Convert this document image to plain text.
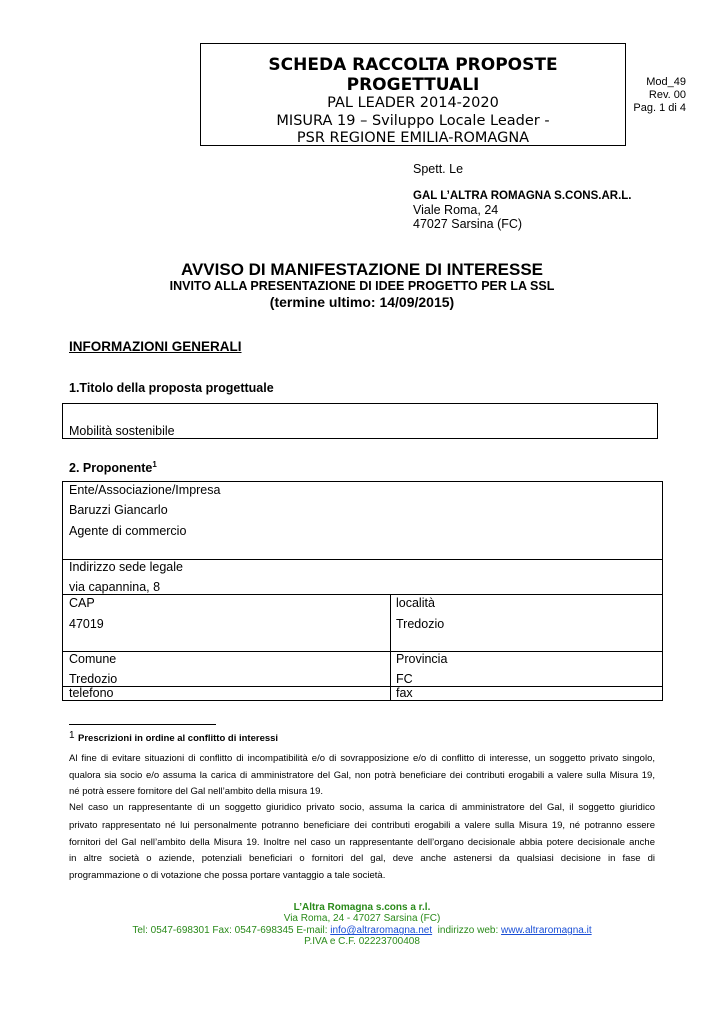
SCHEDA RACCOLTA PROPOSTE
PROGETTUALI
PAL LEADER 2014-2020
MISURA 19 – Sviluppo Locale Leader -
PSR REGIONE EMILIA-ROMAGNA
Mod_49
Rev. 00
Pag. 1 di 4
Spett. Le
GAL L’ALTRA ROMAGNA S.CONS.AR.L.
Viale Roma, 24
47027 Sarsina (FC)
AVVISO DI MANIFESTAZIONE DI INTERESSE
INVITO ALLA PRESENTAZIONE DI IDEE PROGETTO PER LA SSL
(termine ultimo: 14/09/2015)
INFORMAZIONI GENERALI
1.Titolo della proposta progettuale
Mobilità sostenibile
2. Proponente$^1$
Ente/Associazione/Impresa
Baruzzi Giancarlo
Agente di commercio
Indirizzo sede legale
via capannina, 8
CAP
47019
località
Tredozio
Comune
Tredozio
Provincia
FC
telefono	fax
1 Prescrizioni in ordine al conflitto di interessi
Al fine di evitare situazioni di conflitto di incompatibilità e/o di sovrapposizione e/o di conflitto di interesse, un soggetto privato singolo,
qualora sia socio e/o assuma la carica di amministratore del Gal, non potrà beneficiare dei contributi erogabili a valere sulla Misura 19,
né potrà essere fornitore del Gal nell’ambito della misura 19.
Nel caso un rappresentante di un soggetto giuridico privato socio, assuma la carica di amministratore del Gal, il soggetto giuridico
privato rappresentato né lui personalmente potranno beneficiare dei contributi erogabili a valere sulla Misura 19, né potranno essere
fornitori del Gal nell’ambito della Misura 19. Inoltre nel caso un rappresentante dell’organo decisionale abbia potere decisionale anche
in altre società o aziende, potenziali beneficiari o fornitori del gal, deve anche astenersi da qualsiasi decisione in fase di
programmazione o di votazione che possa portare vantaggio a tale società.
L’Altra Romagna s.cons a r.l.
Via Roma, 24 - 47027 Sarsina (FC)
Tel: 0547-698301 Fax: 0547-698345 E-mail: info@altraromagna.net  indirizzo web: www.altraromagna.it
P.IVA e C.F. 02223700408
